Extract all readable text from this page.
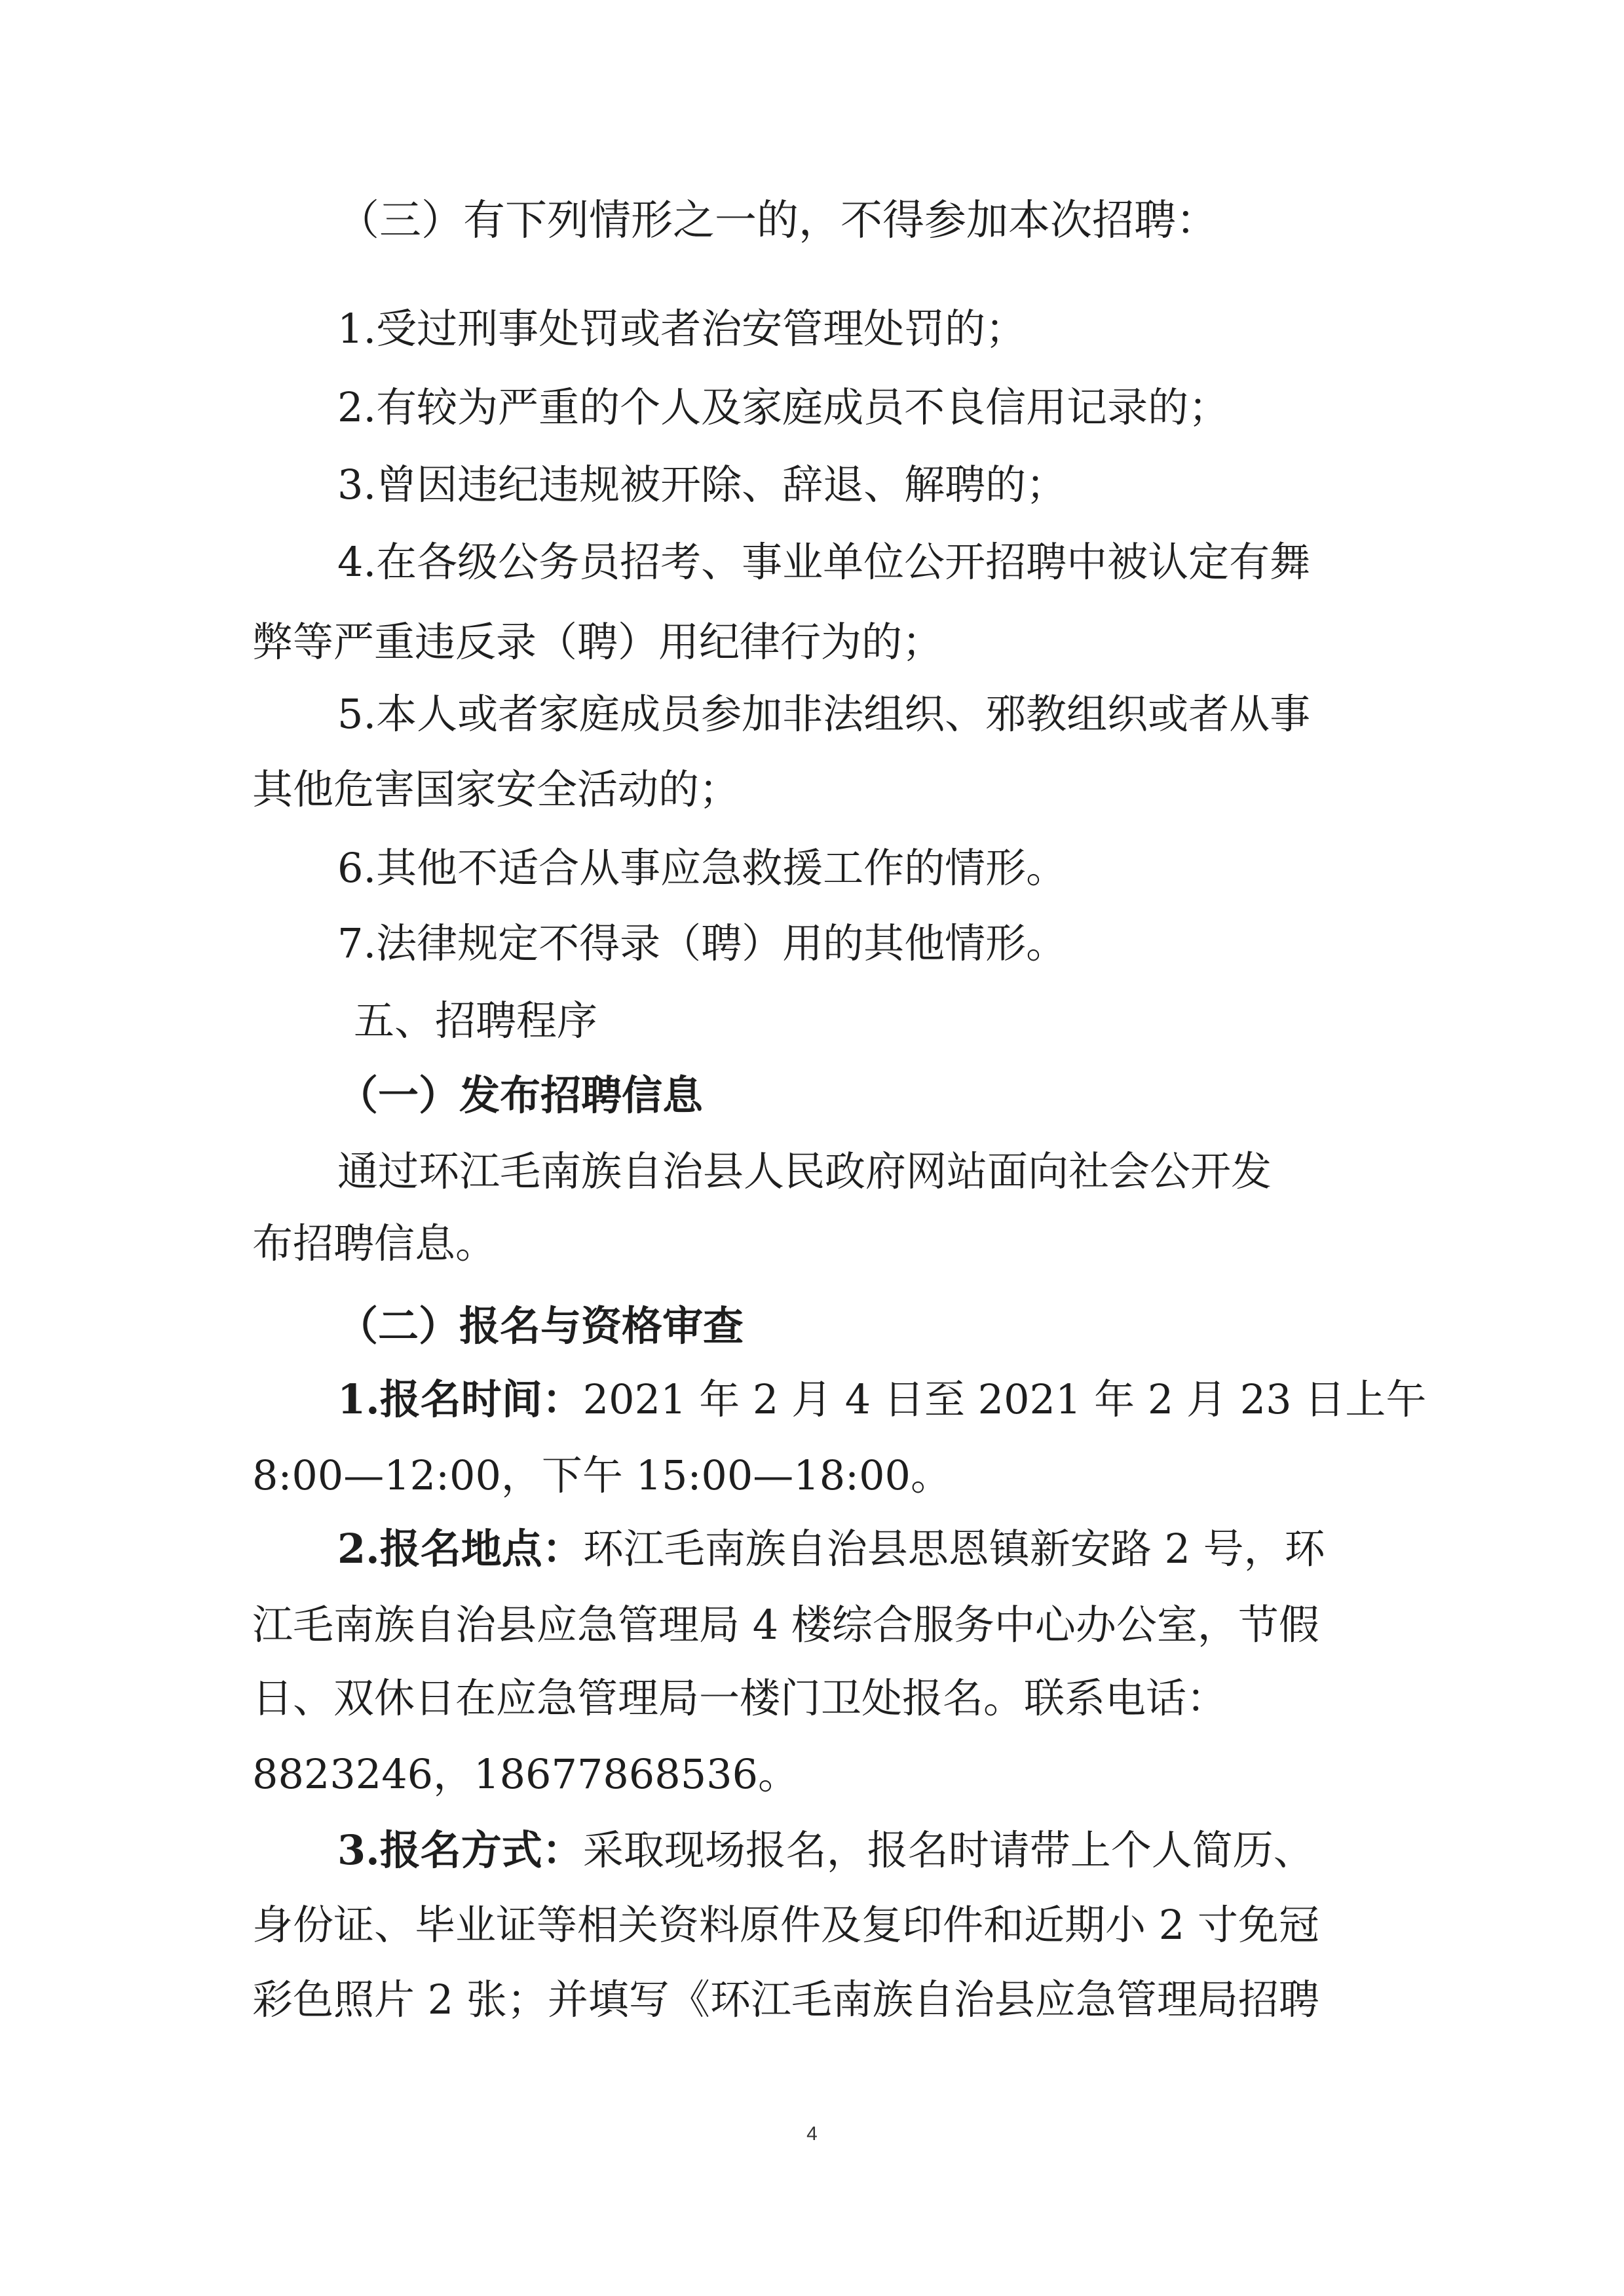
（三）有下列情形之一的，不得参加本次招聘：
1.受过刑事处罚或者治安管理处罚的；
2.有较为严重的个人及家庭成员不良信用记录的；
3.曾因违纪违规被开除、辞退、解聘的；
4.在各级公务员招考、事业单位公开招聘中被认定有舞
弊等严重违反录（聘）用纪律行为的；
5.本人或者家庭成员参加非法组织、邪教组织或者从事
其他危害国家安全活动的；
6.其他不适合从事应急救援工作的情形。
7.法律规定不得录（聘）用的其他情形。
五、招聘程序
（一）发布招聘信息
通过环江毛南族自治县人民政府网站面向社会公开发
布招聘信息。
（二）报名与资格审查
1.报名时间：2021 年 2 月 4 日至 2021 年 2 月 23 日上午
8:00—12:00，下午 15:00—18:00。
2.报名地点：环江毛南族自治县思恩镇新安路 2 号，环
江毛南族自治县应急管理局 4 楼综合服务中心办公室，节假
日、双休日在应急管理局一楼门卫处报名。联系电话：
8823246，18677868536。
3.报名方式：采取现场报名，报名时请带上个人简历、
身份证、毕业证等相关资料原件及复印件和近期小 2 寸免冠
彩色照片 2 张；并填写《环江毛南族自治县应急管理局招聘
4
